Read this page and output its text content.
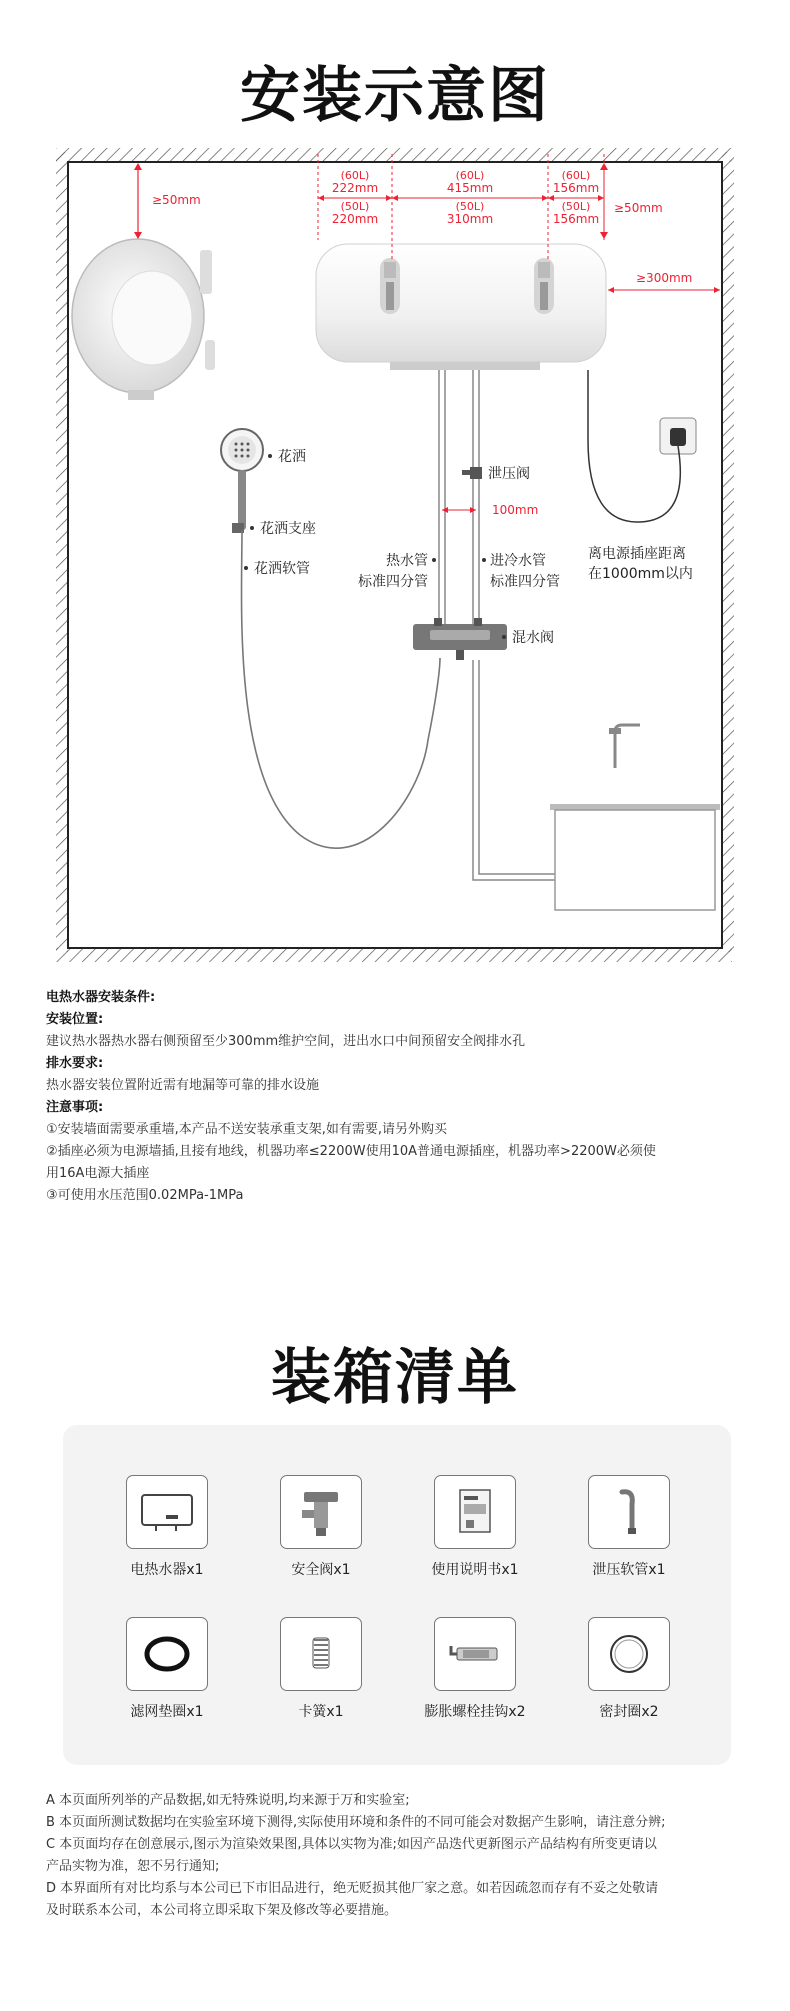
安装示意图
≥50mm
(60L)
222mm
(50L)
220mm
(60L)
415mm
(50L)
310mm
(60L)
156mm
(50L)
156mm
≥50mm
≥300mm
离电源插座距离
在1000mm以内
泄压阀
100mm
热水管
标准四分管
进冷水管
标准四分管
混水阀
花洒
花洒支座
花洒软管
电热水器安装条件:
安装位置:
建议热水器热水器右侧预留至少300mm维护空间，进出水口中间预留安全阀排水孔
排水要求:
热水器安装位置附近需有地漏等可靠的排水设施
注意事项:
①安装墙面需要承重墙,本产品不送安装承重支架,如有需要,请另外购买
②插座必须为电源墙插,且接有地线，机器功率≤2200W使用10A普通电源插座，机器功率>2200W必须使
用16A电源大插座
③可使用水压范围0.02MPa-1MPa
装箱清单
电热水器x1	安全阀x1	使用说明书x1	泄压软管x1
滤网垫圈x1	卡簧x1	膨胀螺栓挂钩x2	密封圈x2
A 本页面所列举的产品数据,如无特殊说明,均来源于万和实验室;
B 本页面所测试数据均在实验室环境下测得,实际使用环境和条件的不同可能会对数据产生影响，请注意分辨;
C 本页面均存在创意展示,图示为渲染效果图,具体以实物为准;如因产品迭代更新图示产品结构有所变更请以
产品实物为准，恕不另行通知;
D 本界面所有对比均系与本公司已下市旧品进行，绝无贬损其他厂家之意。如若因疏忽而存有不妥之处敬请
及时联系本公司，本公司将立即采取下架及修改等必要措施。
